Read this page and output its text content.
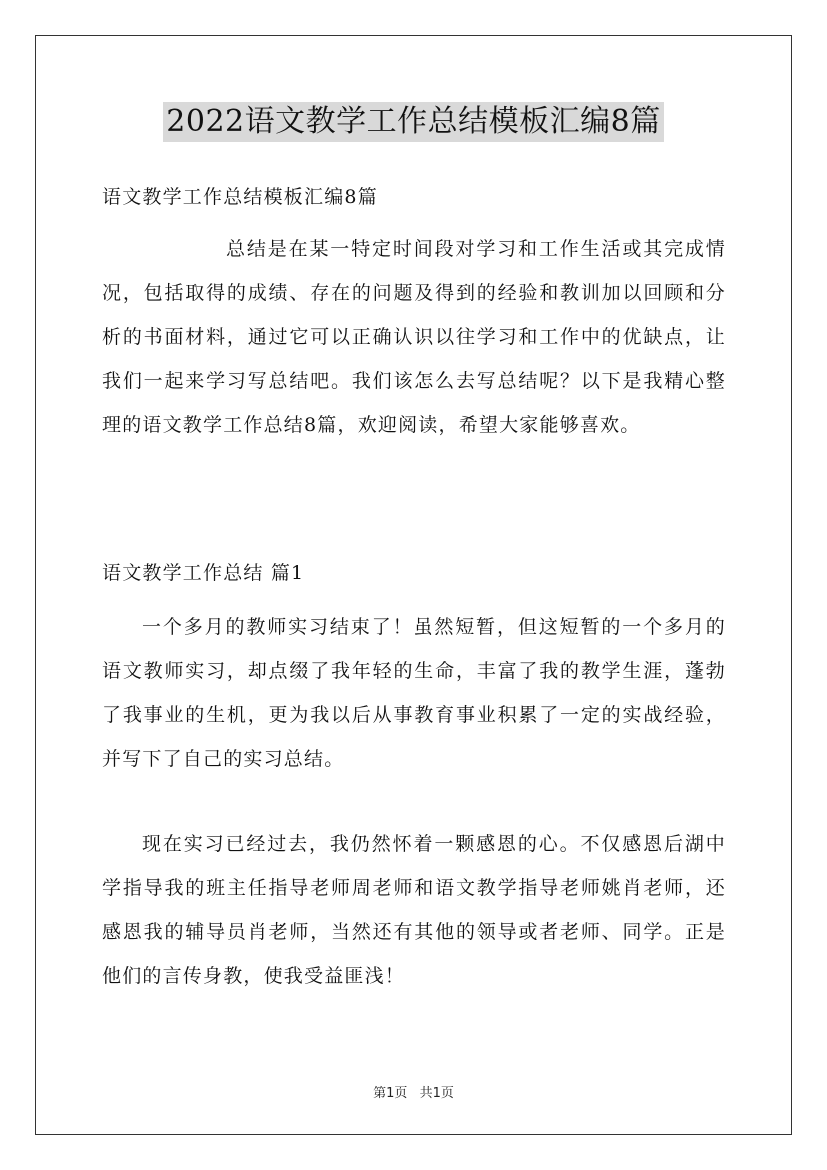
2022语文教学工作总结模板汇编8篇
语文教学工作总结模板汇编8篇
总结是在某一特定时间段对学习和工作生活或其完成情况，包括取得的成绩、存在的问题及得到的经验和教训加以回顾和分析的书面材料，通过它可以正确认识以往学习和工作中的优缺点，让我们一起来学习写总结吧。我们该怎么去写总结呢？以下是我精心整理的语文教学工作总结8篇，欢迎阅读，希望大家能够喜欢。
语文教学工作总结 篇1
一个多月的教师实习结束了！虽然短暂，但这短暂的一个多月的语文教师实习，却点缀了我年轻的生命，丰富了我的教学生涯，蓬勃了我事业的生机，更为我以后从事教育事业积累了一定的实战经验，并写下了自己的实习总结。
现在实习已经过去，我仍然怀着一颗感恩的心。不仅感恩后湖中学指导我的班主任指导老师周老师和语文教学指导老师姚肖老师，还感恩我的辅导员肖老师，当然还有其他的领导或者老师、同学。正是他们的言传身教，使我受益匪浅！
第1页 共1页
